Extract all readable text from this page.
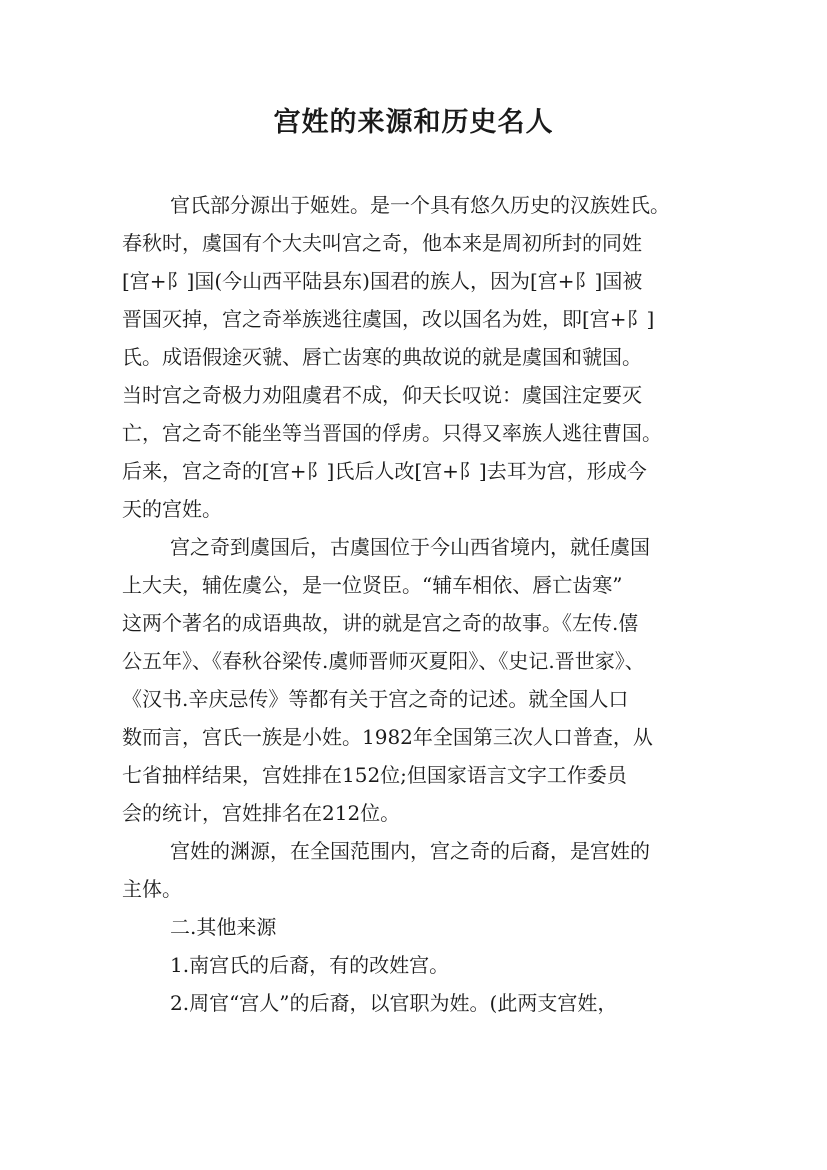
宫姓的来源和历史名人
官氏部分源出于姬姓。是一个具有悠久历史的汉族姓氏。
春秋时，虞国有个大夫叫宫之奇，他本来是周初所封的同姓
[宫+阝]国(今山西平陆县东)国君的族人，因为[宫+阝]国被
晋国灭掉，宫之奇举族逃往虞国，改以国名为姓，即[宫+阝]
氏。成语假途灭虢、唇亡齿寒的典故说的就是虞国和虢国。
当时宫之奇极力劝阻虞君不成，仰天长叹说：虞国注定要灭
亡，宫之奇不能坐等当晋国的俘虏。只得又率族人逃往曹国。
后来，宫之奇的[宫+阝]氏后人改[宫+阝]去耳为宫，形成今
天的宫姓。
宫之奇到虞国后，古虞国位于今山西省境内，就任虞国
上大夫，辅佐虞公，是一位贤臣。“辅车相依、唇亡齿寒”
这两个著名的成语典故，讲的就是宫之奇的故事。《左传.僖
公五年》、《春秋谷梁传.虞师晋师灭夏阳》、《史记.晋世家》、
《汉书.辛庆忌传》等都有关于宫之奇的记述。就全国人口
数而言，宫氏一族是小姓。1982年全国第三次人口普查，从
七省抽样结果，宫姓排在152位;但国家语言文字工作委员
会的统计，宫姓排名在212位。
宫姓的渊源，在全国范围内，宫之奇的后裔，是宫姓的
主体。
二.其他来源
1.南宫氏的后裔，有的改姓宫。
2.周官“宫人”的后裔，以官职为姓。(此两支宫姓，
